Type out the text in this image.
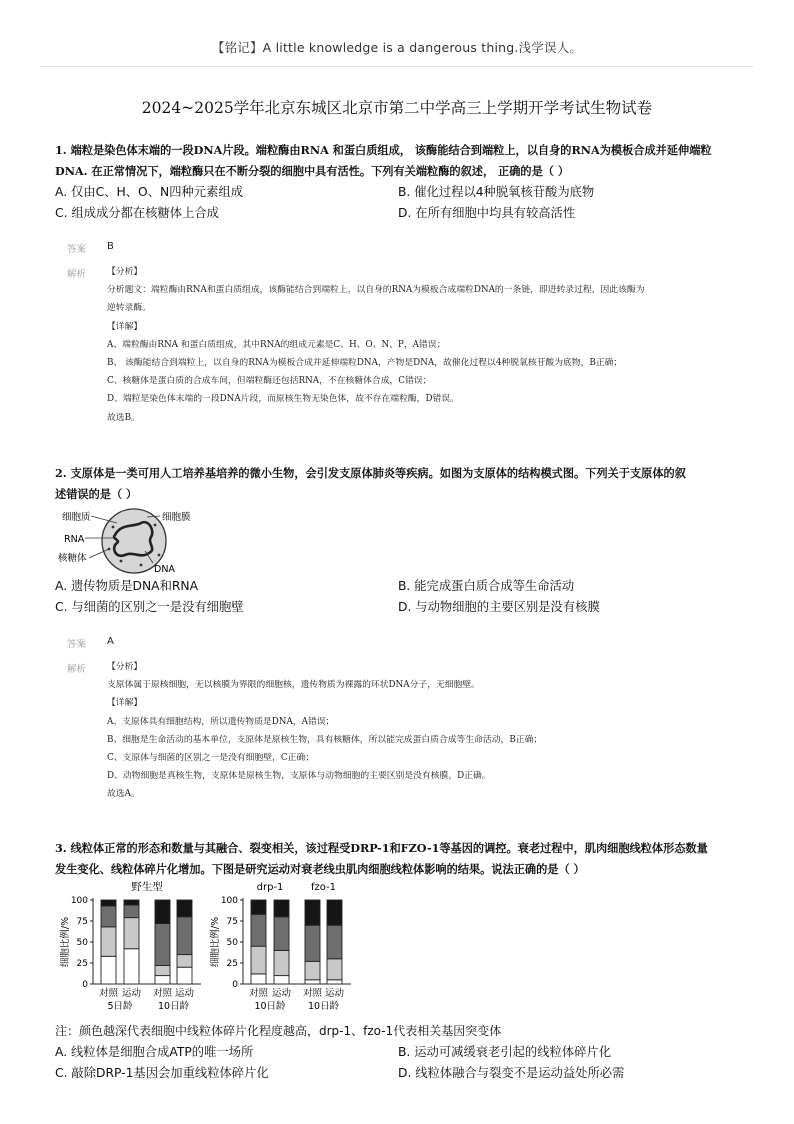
【铭记】A little knowledge is a dangerous thing.浅学误人。
2024~2025学年北京东城区北京市第二中学高三上学期开学考试生物试卷
1. 端粒是染色体末端的一段DNA片段。端粒酶由RNA 和蛋白质组成， 该酶能结合到端粒上，以自身的RNA为模板合成并延伸端粒
DNA. 在正常情况下，端粒酶只在不断分裂的细胞中具有活性。下列有关端粒酶的叙述， 正确的是（ ）
A. 仅由C、H、O、N四种元素组成	B. 催化过程以4种脱氧核苷酸为底物
C. 组成成分都在核糖体上合成	D. 在所有细胞中均具有较高活性
答案 B
解析 【分析】
分析题文：端粒酶由RNA和蛋白质组成，该酶能结合到端粒上，以自身的RNA为模板合成端粒DNA的一条链，即进转录过程，因此该酶为
逆转录酶。
【详解】
A、端粒酶由RNA 和蛋白质组成，其中RNA的组成元素是C、H、O、N、P，A错误；
B、 该酶能结合到端粒上，以自身的RNA为模板合成并延伸端粒DNA，产物是DNA，故催化过程以4种脱氧核苷酸为底物，B正确；
C、核糖体是蛋白质的合成车间，但端粒酶还包括RNA，不在核糖体合成，C错误；
D、端粒是染色体末端的一段DNA片段，而原核生物无染色体，故不存在端粒酶，D错误。
故选B。
2. 支原体是一类可用人工培养基培养的微小生物，会引发支原体肺炎等疾病。如图为支原体的结构模式图。下列关于支原体的叙
述错误的是（ ）
细胞质	细胞膜
RNA
核糖体
DNA
A. 遗传物质是DNA和RNA	B. 能完成蛋白质合成等生命活动
C. 与细菌的区别之一是没有细胞壁	D. 与动物细胞的主要区别是没有核膜
答案 A
解析 【分析】
支原体属于原核细胞，无以核膜为界限的细胞核，遗传物质为裸露的环状DNA分子，无细胞壁。
【详解】
A、支原体具有细胞结构，所以遗传物质是DNA，A错误；
B、细胞是生命活动的基本单位，支原体是原核生物，具有核糖体，所以能完成蛋白质合成等生命活动，B正确；
C、支原体与细菌的区别之一是没有细胞壁，C正确；
D、动物细胞是真核生物，支原体是原核生物，支原体与动物细胞的主要区别是没有核膜，D正确。
故选A。
3. 线粒体正常的形态和数量与其融合、裂变相关，该过程受DRP-1和FZO-1等基因的调控。衰老过程中，肌肉细胞线粒体形态数量
发生变化、线粒体碎片化增加。下图是研究运动对衰老线虫肌肉细胞线粒体影响的结果。说法正确的是（ ）
0
25
50
75
100
细胞比例/%
对照 运动 对照 运动
5日龄	10日龄
野生型
0
25
50
75
100
细胞比例/%
对照 运动 对照 运动
10日龄 10日龄
drp-1	fzo-1
注：颜色越深代表细胞中线粒体碎片化程度越高，drp-1、fzo-1代表相关基因突变体
A. 线粒体是细胞合成ATP的唯一场所	B. 运动可减缓衰老引起的线粒体碎片化
C. 敲除DRP-1基因会加重线粒体碎片化	D. 线粒体融合与裂变不是运动益处所必需
